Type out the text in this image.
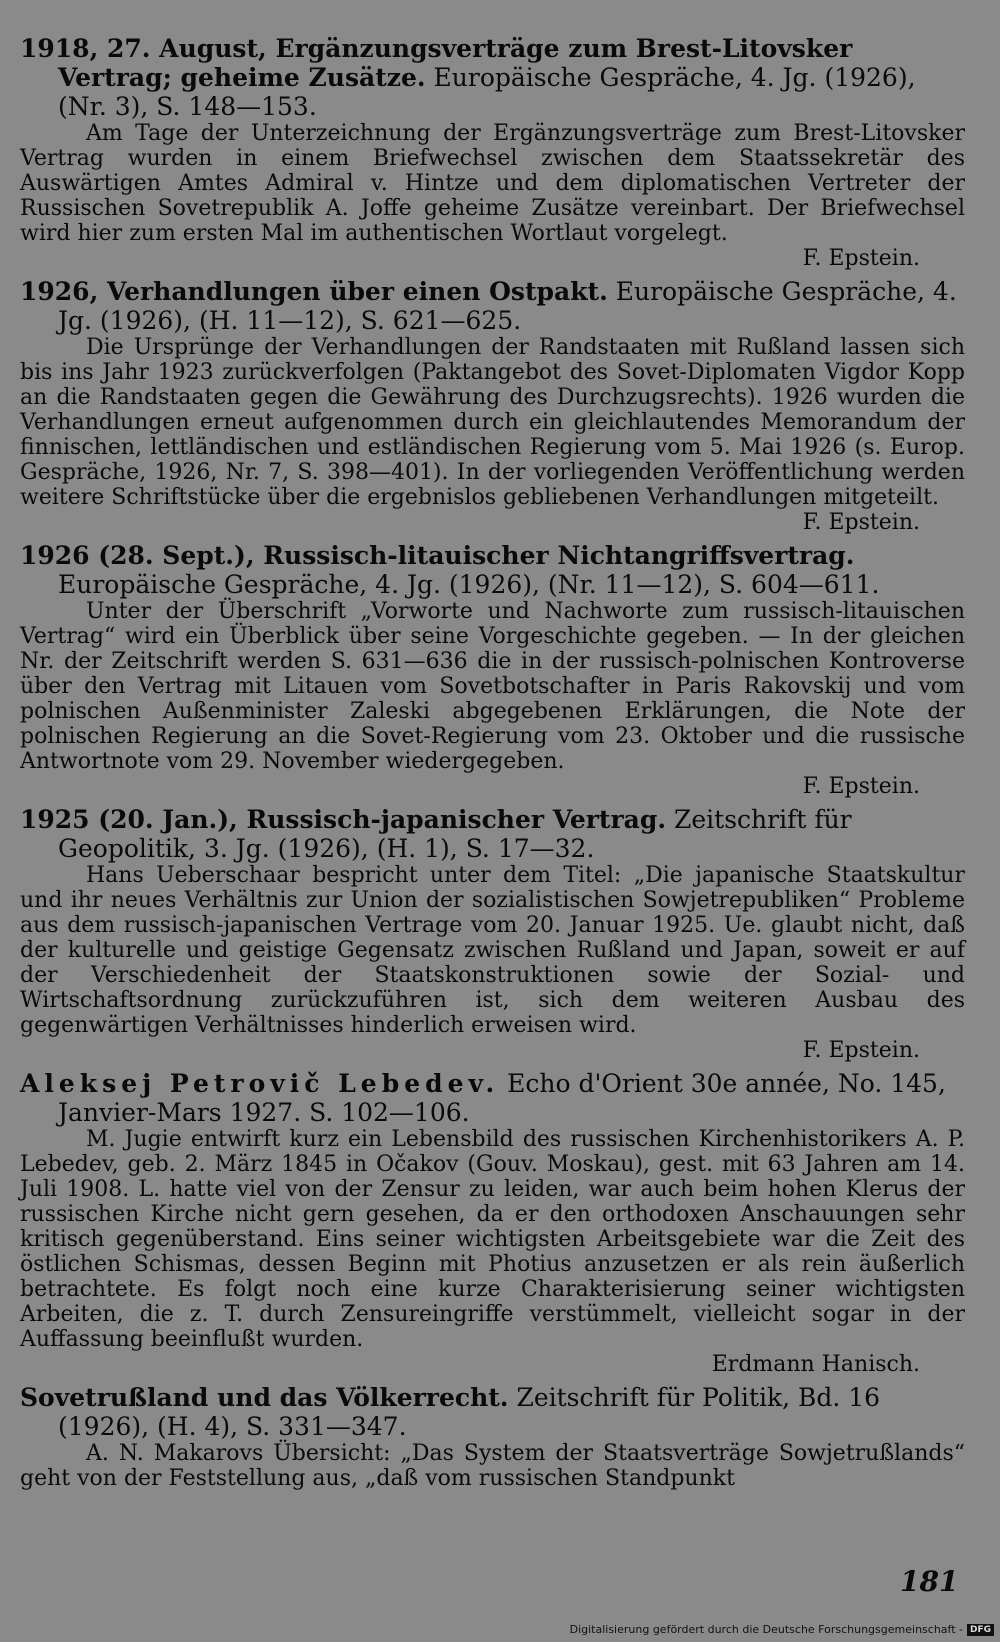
1918, 27. August, Ergänzungsverträge zum Brest-Litovsker Vertrag; geheime Zusätze. Europäische Gespräche, 4. Jg. (1926), (Nr. 3), S. 148—153.

Am Tage der Unterzeichnung der Ergänzungsverträge zum Brest-Litovsker Vertrag wurden in einem Briefwechsel zwischen dem Staatssekretär des Auswärtigen Amtes Admiral v. Hintze und dem diplomatischen Vertreter der Russischen Sovetrepublik A. Joffe geheime Zusätze vereinbart. Der Briefwechsel wird hier zum ersten Mal im authentischen Wortlaut vorgelegt.

F. Epstein.
1926, Verhandlungen über einen Ostpakt. Europäische Gespräche, 4. Jg. (1926), (H. 11—12), S. 621—625.

Die Ursprünge der Verhandlungen der Randstaaten mit Rußland lassen sich bis ins Jahr 1923 zurückverfolgen (Paktangebot des Sovet-Diplomaten Vigdor Kopp an die Randstaaten gegen die Gewährung des Durchzugsrechts). 1926 wurden die Verhandlungen erneut aufgenommen durch ein gleichlautendes Memorandum der finnischen, lettländischen und estländischen Regierung vom 5. Mai 1926 (s. Europ. Gespräche, 1926, Nr. 7, S. 398—401). In der vorliegenden Veröffentlichung werden weitere Schriftstücke über die ergebnislos gebliebenen Verhandlungen mitgeteilt.

F. Epstein.
1926 (28. Sept.), Russisch-litauischer Nichtangriffsvertrag. Europäische Gespräche, 4. Jg. (1926), (Nr. 11—12), S. 604—611.

Unter der Überschrift „Vorworte und Nachworte zum russisch-litauischen Vertrag“ wird ein Überblick über seine Vorgeschichte gegeben. — In der gleichen Nr. der Zeitschrift werden S. 631—636 die in der russisch-polnischen Kontroverse über den Vertrag mit Litauen vom Sovetbotschafter in Paris Rakovskij und vom polnischen Außenminister Zaleski abgegebenen Erklärungen, die Note der polnischen Regierung an die Sovet-Regierung vom 23. Oktober und die russische Antwortnote vom 29. November wiedergegeben.

F. Epstein.
1925 (20. Jan.), Russisch-japanischer Vertrag. Zeitschrift für Geopolitik, 3. Jg. (1926), (H. 1), S. 17—32.

Hans Ueberschaar bespricht unter dem Titel: „Die japanische Staatskultur und ihr neues Verhältnis zur Union der sozialistischen Sowjetrepubliken“ Probleme aus dem russisch-japanischen Vertrage vom 20. Januar 1925. Ue. glaubt nicht, daß der kulturelle und geistige Gegensatz zwischen Rußland und Japan, soweit er auf der Verschiedenheit der Staatskonstruktionen sowie der Sozial- und Wirtschaftsordnung zurückzuführen ist, sich dem weiteren Ausbau des gegenwärtigen Verhältnisses hinderlich erweisen wird.

F. Epstein.
Aleksej Petrovič Lebedev. Echo d'Orient 30e année, No. 145, Janvier-Mars 1927. S. 102—106.

M. Jugie entwirft kurz ein Lebensbild des russischen Kirchenhistorikers A. P. Lebedev, geb. 2. März 1845 in Očakov (Gouv. Moskau), gest. mit 63 Jahren am 14. Juli 1908. L. hatte viel von der Zensur zu leiden, war auch beim hohen Klerus der russischen Kirche nicht gern gesehen, da er den orthodoxen Anschauungen sehr kritisch gegenüberstand. Eins seiner wichtigsten Arbeitsgebiete war die Zeit des östlichen Schismas, dessen Beginn mit Photius anzusetzen er als rein äußerlich betrachtete. Es folgt noch eine kurze Charakterisierung seiner wichtigsten Arbeiten, die z. T. durch Zensureingriffe verstümmelt, vielleicht sogar in der Auffassung beeinflußt wurden.

Erdmann Hanisch.
Sovetrußland und das Völkerrecht. Zeitschrift für Politik, Bd. 16 (1926), (H. 4), S. 331—347.

A. N. Makarovs Übersicht: „Das System der Staatsverträge Sowjetrußlands“ geht von der Feststellung aus, „daß vom russischen Standpunkt

181
Digitalisierung gefördert durch die Deutsche Forschungsgemeinschaft - DFG
